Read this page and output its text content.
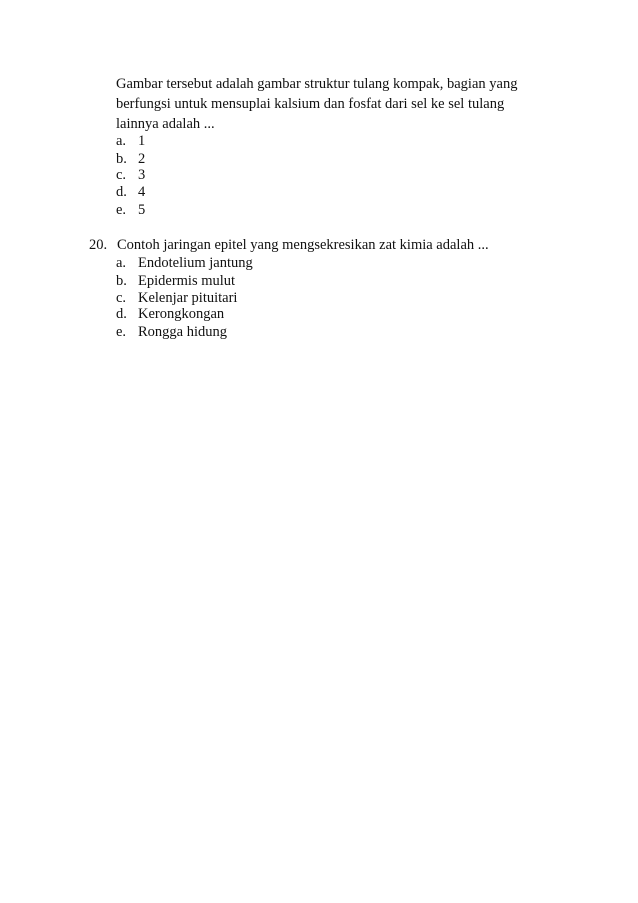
Gambar tersebut adalah gambar struktur tulang kompak, bagian yang
berfungsi untuk mensuplai kalsium dan fosfat dari sel ke sel tulang
lainnya adalah ...
a. 1
b. 2
c. 3
d. 4
e. 5
20. Contoh jaringan epitel yang mengsekresikan zat kimia adalah ...
a. Endotelium jantung
b. Epidermis mulut
c. Kelenjar pituitari
d. Kerongkongan
e. Rongga hidung
